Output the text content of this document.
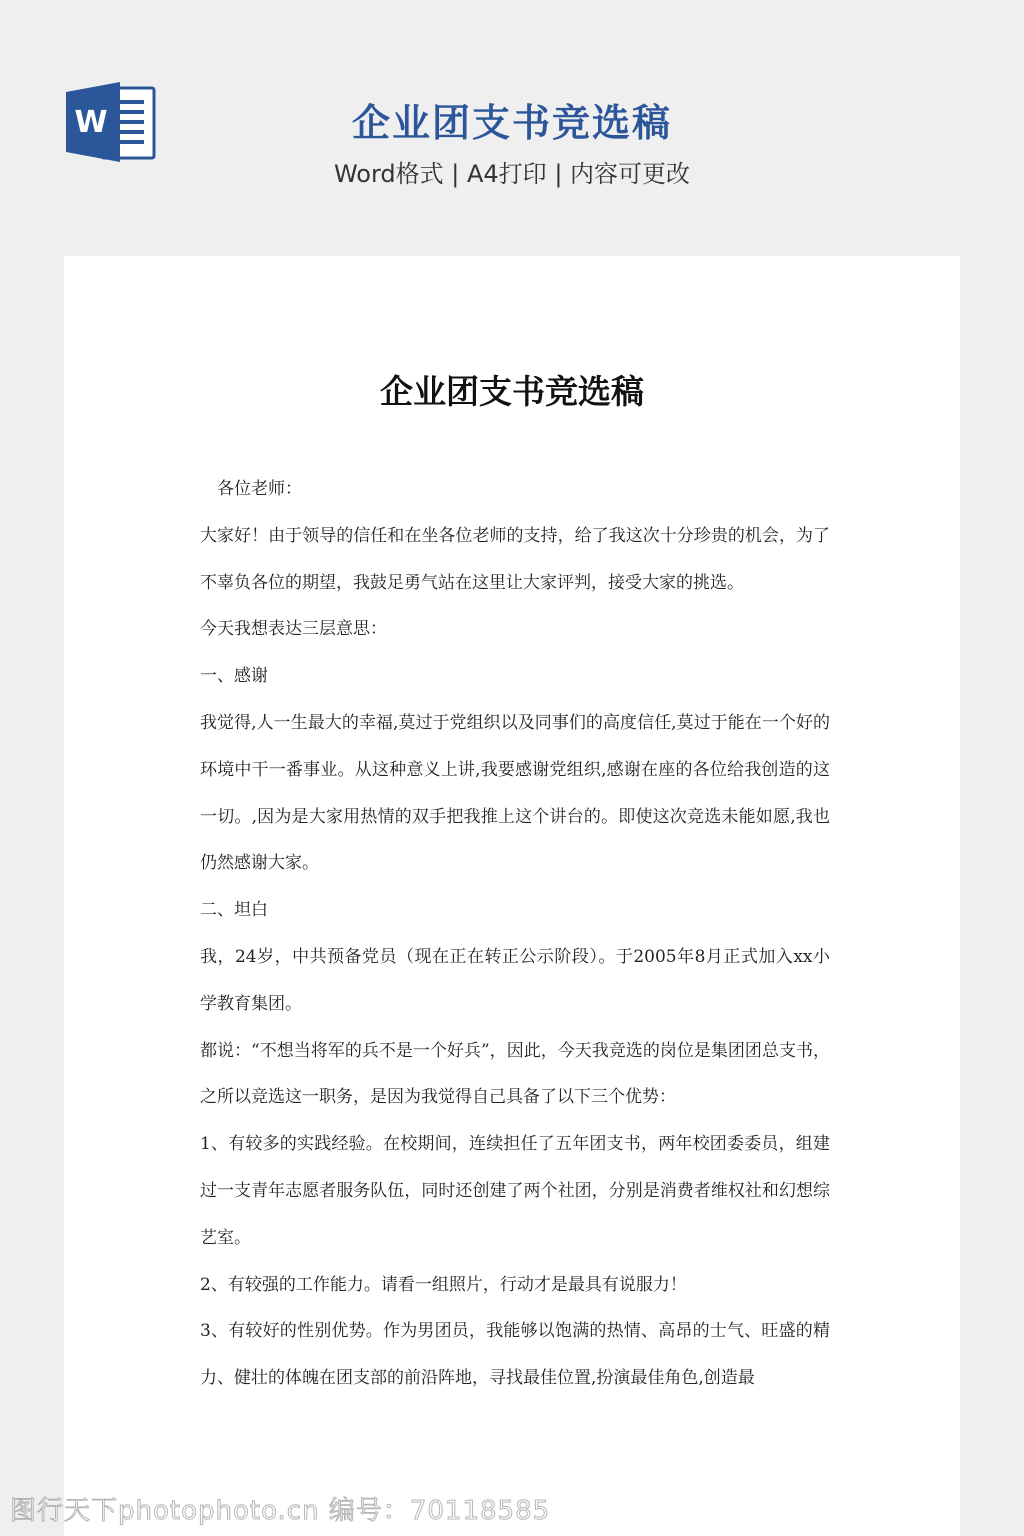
W	企业团支书竞选稿
Word格式 | A4打印 | 内容可更改
企业团支书竞选稿

　各位老师：

大家好！由于领导的信任和在坐各位老师的支持，给了我这次十分珍贵的机会，为了不辜负各位的期望，我鼓足勇气站在这里让大家评判，接受大家的挑选。

今天我想表达三层意思：

一、感谢

我觉得,人一生最大的幸福,莫过于党组织以及同事们的高度信任,莫过于能在一个好的环境中干一番事业。从这种意义上讲,我要感谢党组织,感谢在座的各位给我创造的这一切。,因为是大家用热情的双手把我推上这个讲台的。即使这次竞选未能如愿,我也仍然感谢大家。

二、坦白

我，24岁，中共预备党员（现在正在转正公示阶段）。于2005年8月正式加入xx小学教育集团。

都说：“不想当将军的兵不是一个好兵”，因此，今天我竞选的岗位是集团团总支书，之所以竞选这一职务，是因为我觉得自己具备了以下三个优势：

1、有较多的实践经验。在校期间，连续担任了五年团支书，两年校团委委员，组建过一支青年志愿者服务队伍，同时还创建了两个社团，分别是消费者维权社和幻想综艺室。

2、有较强的工作能力。请看一组照片，行动才是最具有说服力！

3、有较好的性别优势。作为男团员，我能够以饱满的热情、高昂的士气、旺盛的精力、健壮的体魄在团支部的前沿阵地，寻找最佳位置,扮演最佳角色,创造最

图行天下photophoto.cn 编号：70118585
